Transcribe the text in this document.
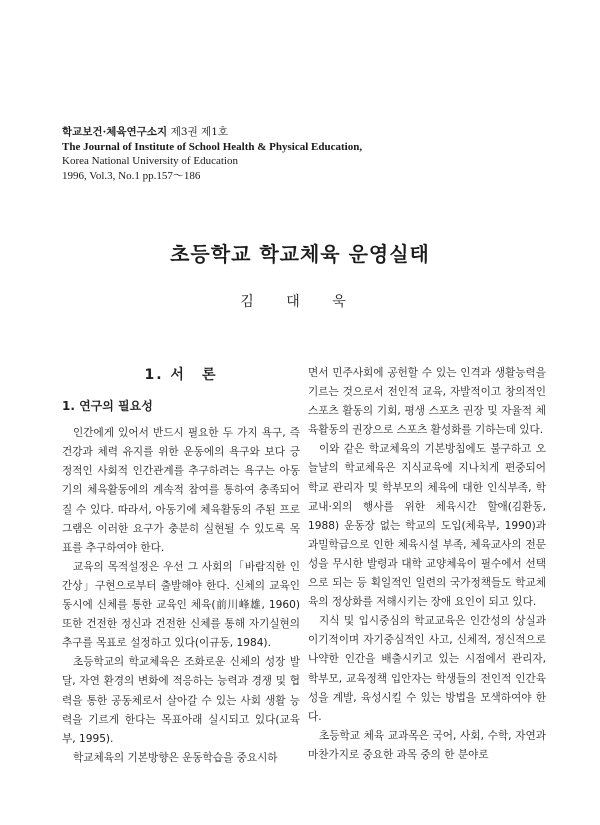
학교보건·체육연구소지 제3권 제1호
The Journal of Institute of School Health & Physical Education,
Korea National University of Education
1996, Vol.3, No.1 pp.157～186
초등학교 학교체육 운영실태
김 대 욱
1. 서　론
1. 연구의 필요성

인간에게 있어서 반드시 필요한 두 가지 욕구, 즉 건강과 체력 유지를 위한 운동에의 욕구와 보다 긍정적인 사회적 인간관계를 추구하려는 욕구는 아동기의 체육활동에의 계속적 참여를 통하여 충족되어질 수 있다. 따라서, 아동기에 체육활동의 주된 프로그램은 이러한 요구가 충분히 실현될 수 있도록 목표를 추구하여야 한다.

교육의 목적설정은 우선 그 사회의「바람직한 인간상」구현으로부터 출발해야 한다. 신체의 교육인 동시에 신체를 통한 교육인 체육(前川峰雄, 1960) 또한 건전한 정신과 건전한 신체를 통해 자기실현의 추구를 목표로 설정하고 있다(이규동, 1984).

초등학교의 학교체육은 조화로운 신체의 성장 발달, 자연 환경의 변화에 적응하는 능력과 경쟁 및 협력을 통한 공동체로서 살아갈 수 있는 사회 생활 능력을 기르게 한다는 목표아래 실시되고 있다(교육부, 1995).

학교체육의 기본방향은 운동학습을 중요시하

면서 민주사회에 공헌할 수 있는 인격과 생활능력을 기르는 것으로서 전인적 교육, 자발적이고 창의적인 스포츠 활동의 기회, 평생 스포츠 권장 및 자율적 체육활동의 권장으로 스포츠 활성화를 기하는데 있다.

이와 같은 학교체육의 기본방침에도 불구하고 오늘날의 학교체육은 지식교육에 지나치게 편중되어 학교 관리자 및 학부모의 체육에 대한 인식부족, 학교내·외의 행사를 위한 체육시간 할애(김환동, 1988) 운동장 없는 학교의 도입(체육부, 1990)과 과밀학급으로 인한 체육시설 부족, 체육교사의 전문성을 무시한 발령과 대학 교양체육이 필수에서 선택으로 되는 등 획일적인 일련의 국가정책들도 학교체육의 정상화를 저해시키는 장애 요인이 되고 있다.

지식 및 입시중심의 학교교육은 인간성의 상실과 이기적이며 자기중심적인 사고, 신체적, 정신적으로 나약한 인간을 배출시키고 있는 시점에서 관리자, 학부모, 교육정책 입안자는 학생들의 전인적 인간육성을 계발, 육성시킬 수 있는 방법을 모색하여야 한다.

초등학교 체육 교과목은 국어, 사회, 수학, 자연과 마찬가지로 중요한 과목 중의 한 분야로
